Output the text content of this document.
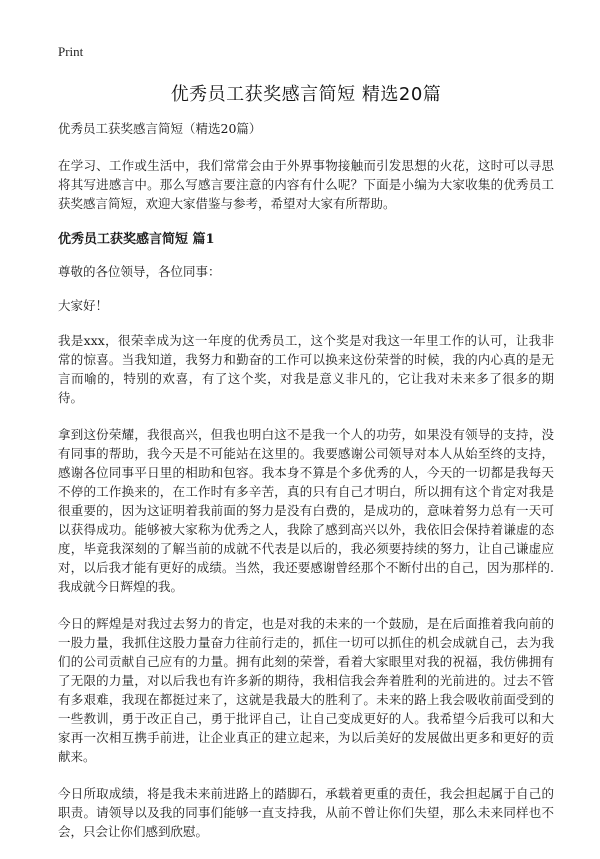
Print
优秀员工获奖感言简短 精选20篇

优秀员工获奖感言简短（精选20篇）

在学习、工作或生活中，我们常常会由于外界事物接触而引发思想的火花，这时可以寻思将其写进感言中。那么写感言要注意的内容有什么呢？下面是小编为大家收集的优秀员工获奖感言简短，欢迎大家借鉴与参考，希望对大家有所帮助。

优秀员工获奖感言简短 篇1

尊敬的各位领导，各位同事：

大家好！

我是xxx，很荣幸成为这一年度的优秀员工，这个奖是对我这一年里工作的认可，让我非常的惊喜。当我知道，我努力和勤奋的工作可以换来这份荣誉的时候，我的内心真的是无言而喻的，特别的欢喜，有了这个奖，对我是意义非凡的，它让我对未来多了很多的期待。

拿到这份荣耀，我很高兴，但我也明白这不是我一个人的功劳，如果没有领导的支持，没有同事的帮助，我今天是不可能站在这里的。我要感谢公司领导对本人从始至终的支持，感谢各位同事平日里的相助和包容。我本身不算是个多优秀的人，今天的一切都是我每天不停的工作换来的，在工作时有多辛苦，真的只有自己才明白，所以拥有这个肯定对我是很重要的，因为这证明着我前面的努力是没有白费的，是成功的，意味着努力总有一天可以获得成功。能够被大家称为优秀之人，我除了感到高兴以外，我依旧会保持着谦虚的态度，毕竟我深刻的了解当前的成就不代表是以后的，我必须要持续的努力，让自己谦虚应对，以后我才能有更好的成绩。当然，我还要感谢曾经那个不断付出的自己，因为那样的.我成就今日辉煌的我。

今日的辉煌是对我过去努力的肯定，也是对我的未来的一个鼓励，是在后面推着我向前的一股力量，我抓住这股力量奋力往前行走的，抓住一切可以抓住的机会成就自己，去为我们的公司贡献自己应有的力量。拥有此刻的荣誉，看着大家眼里对我的祝福，我仿佛拥有了无限的力量，对以后我也有许多新的期待，我相信我会奔着胜利的光前进的。过去不管有多艰难，我现在都挺过来了，这就是我最大的胜利了。未来的路上我会吸收前面受到的一些教训，勇于改正自己，勇于批评自己，让自己变成更好的人。我希望今后我可以和大家再一次相互携手前进，让企业真正的建立起来，为以后美好的发展做出更多和更好的贡献来。

今日所取成绩，将是我未来前进路上的踏脚石，承载着更重的责任，我会担起属于自己的职责。请领导以及我的同事们能够一直支持我，从前不曾让你们失望，那么未来同样也不会，只会让你们感到欣慰。
